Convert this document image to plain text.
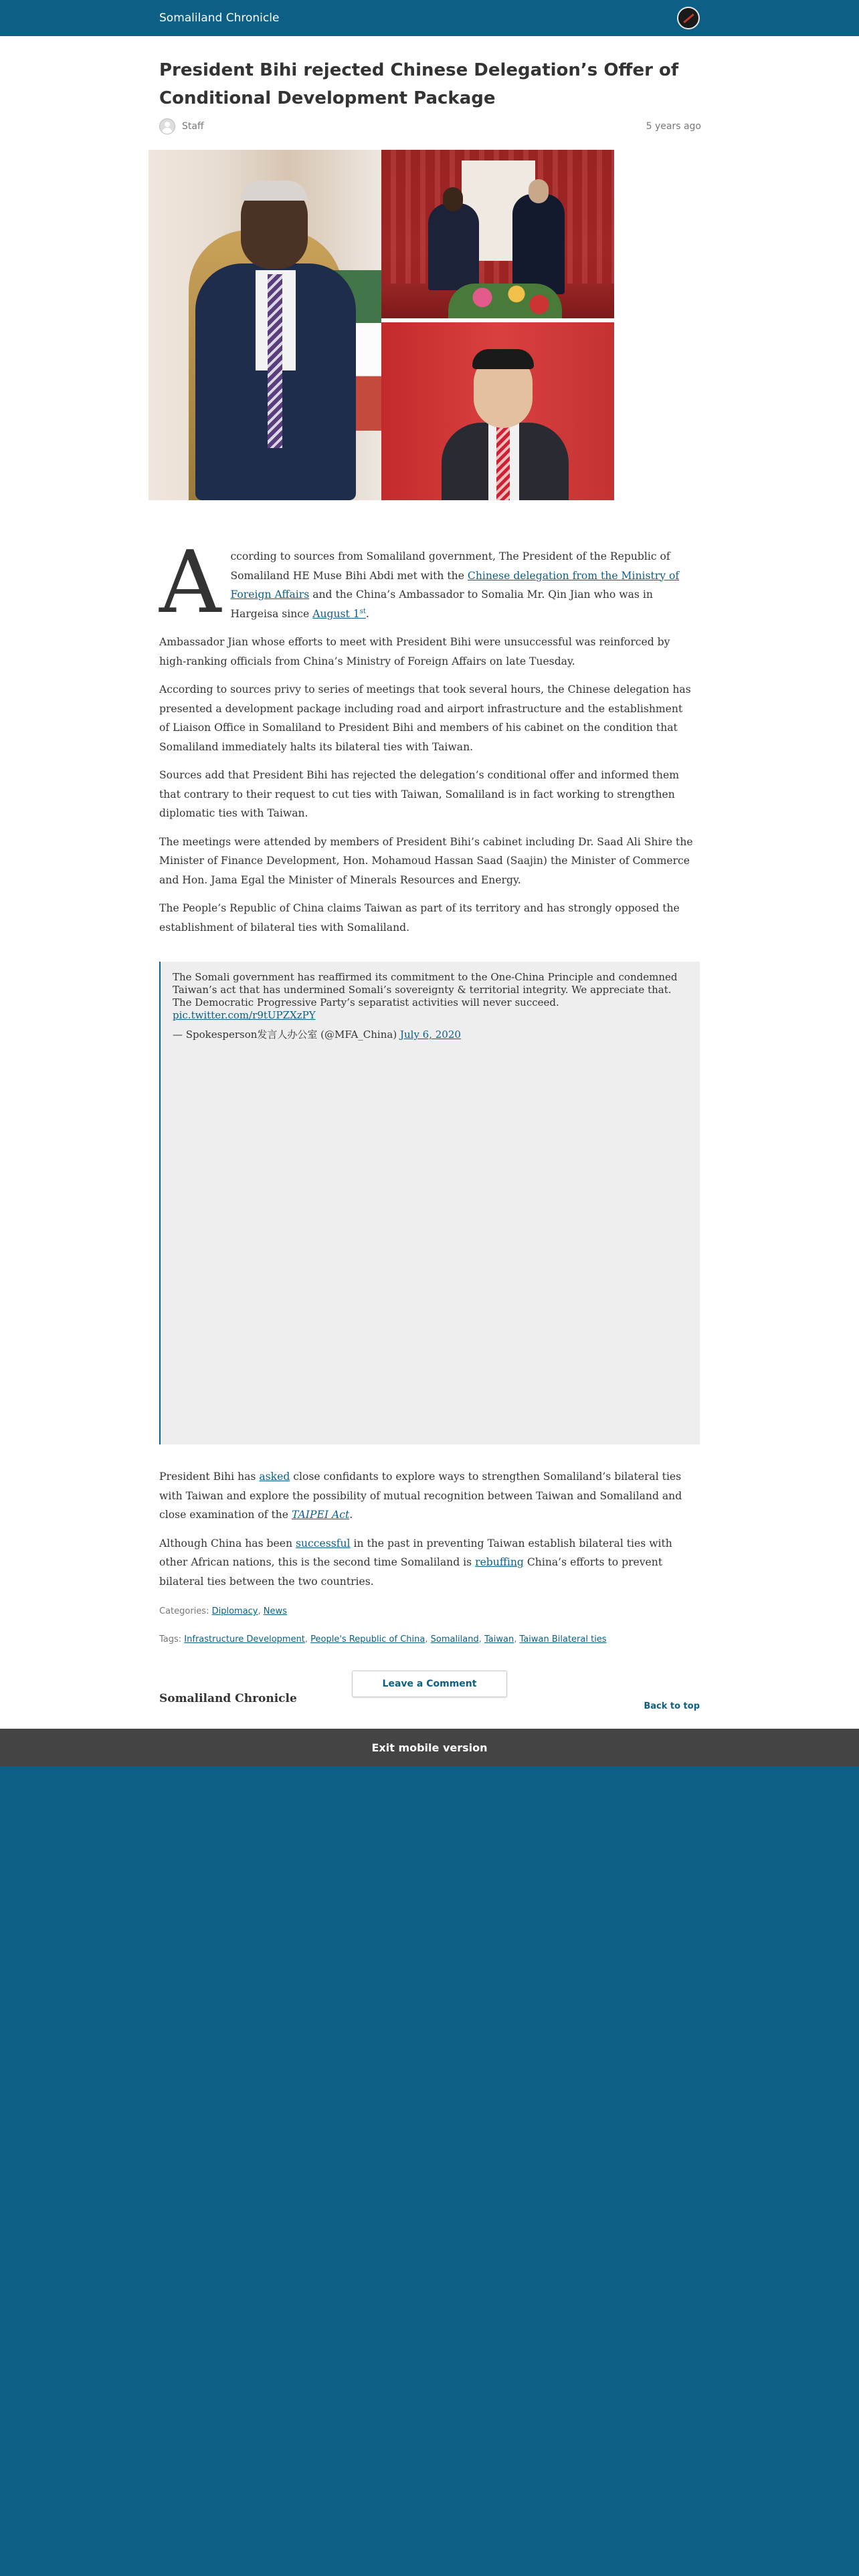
Somaliland Chronicle
President Bihi rejected Chinese Delegation’s Offer of Conditional Development Package
Staff	5 years ago

According to sources from Somaliland government, The President of the Republic of Somaliland HE Muse Bihi Abdi met with the Chinese delegation from the Ministry of Foreign Affairs and the China’s Ambassador to Somalia Mr. Qin Jian who was in Hargeisa since August 1st.

Ambassador Jian whose efforts to meet with President Bihi were unsuccessful was reinforced by high-ranking officials from China’s Ministry of Foreign Affairs on late Tuesday.

According to sources privy to series of meetings that took several hours, the Chinese delegation has presented a development package including road and airport infrastructure and the establishment of Liaison Office in Somaliland to President Bihi and members of his cabinet on the condition that Somaliland immediately halts its bilateral ties with Taiwan.

Sources add that President Bihi has rejected the delegation’s conditional offer and informed them that contrary to their request to cut ties with Taiwan, Somaliland is in fact working to strengthen diplomatic ties with Taiwan.

The meetings were attended by members of President Bihi’s cabinet including Dr. Saad Ali Shire the Minister of Finance Development, Hon. Mohamoud Hassan Saad (Saajin) the Minister of Commerce and Hon. Jama Egal the Minister of Minerals Resources and Energy.

The People’s Republic of China claims Taiwan as part of its territory and has strongly opposed the establishment of bilateral ties with Somaliland.

The Somali government has reaffirmed its commitment to the One-China Principle and condemned Taiwan’s act that has undermined Somali’s sovereignty & territorial integrity. We appreciate that. The Democratic Progressive Party’s separatist activities will never succeed. pic.twitter.com/r9tUPZXzPY

— Spokesperson发言人办公室 (@MFA_China) July 6, 2020

President Bihi has asked close confidants to explore ways to strengthen Somaliland’s bilateral ties with Taiwan and explore the possibility of mutual recognition between Taiwan and Somaliland and close examination of the TAIPEI Act.

Although China has been successful in the past in preventing Taiwan establish bilateral ties with other African nations, this is the second time Somaliland is rebuffing China’s efforts to prevent bilateral ties between the two countries.

Categories: Diplomacy, News
Tags: Infrastructure Development, People's Republic of China, Somaliland, Taiwan, Taiwan Bilateral ties
Leave a Comment
Somaliland Chronicle
Back to top
Exit mobile version
